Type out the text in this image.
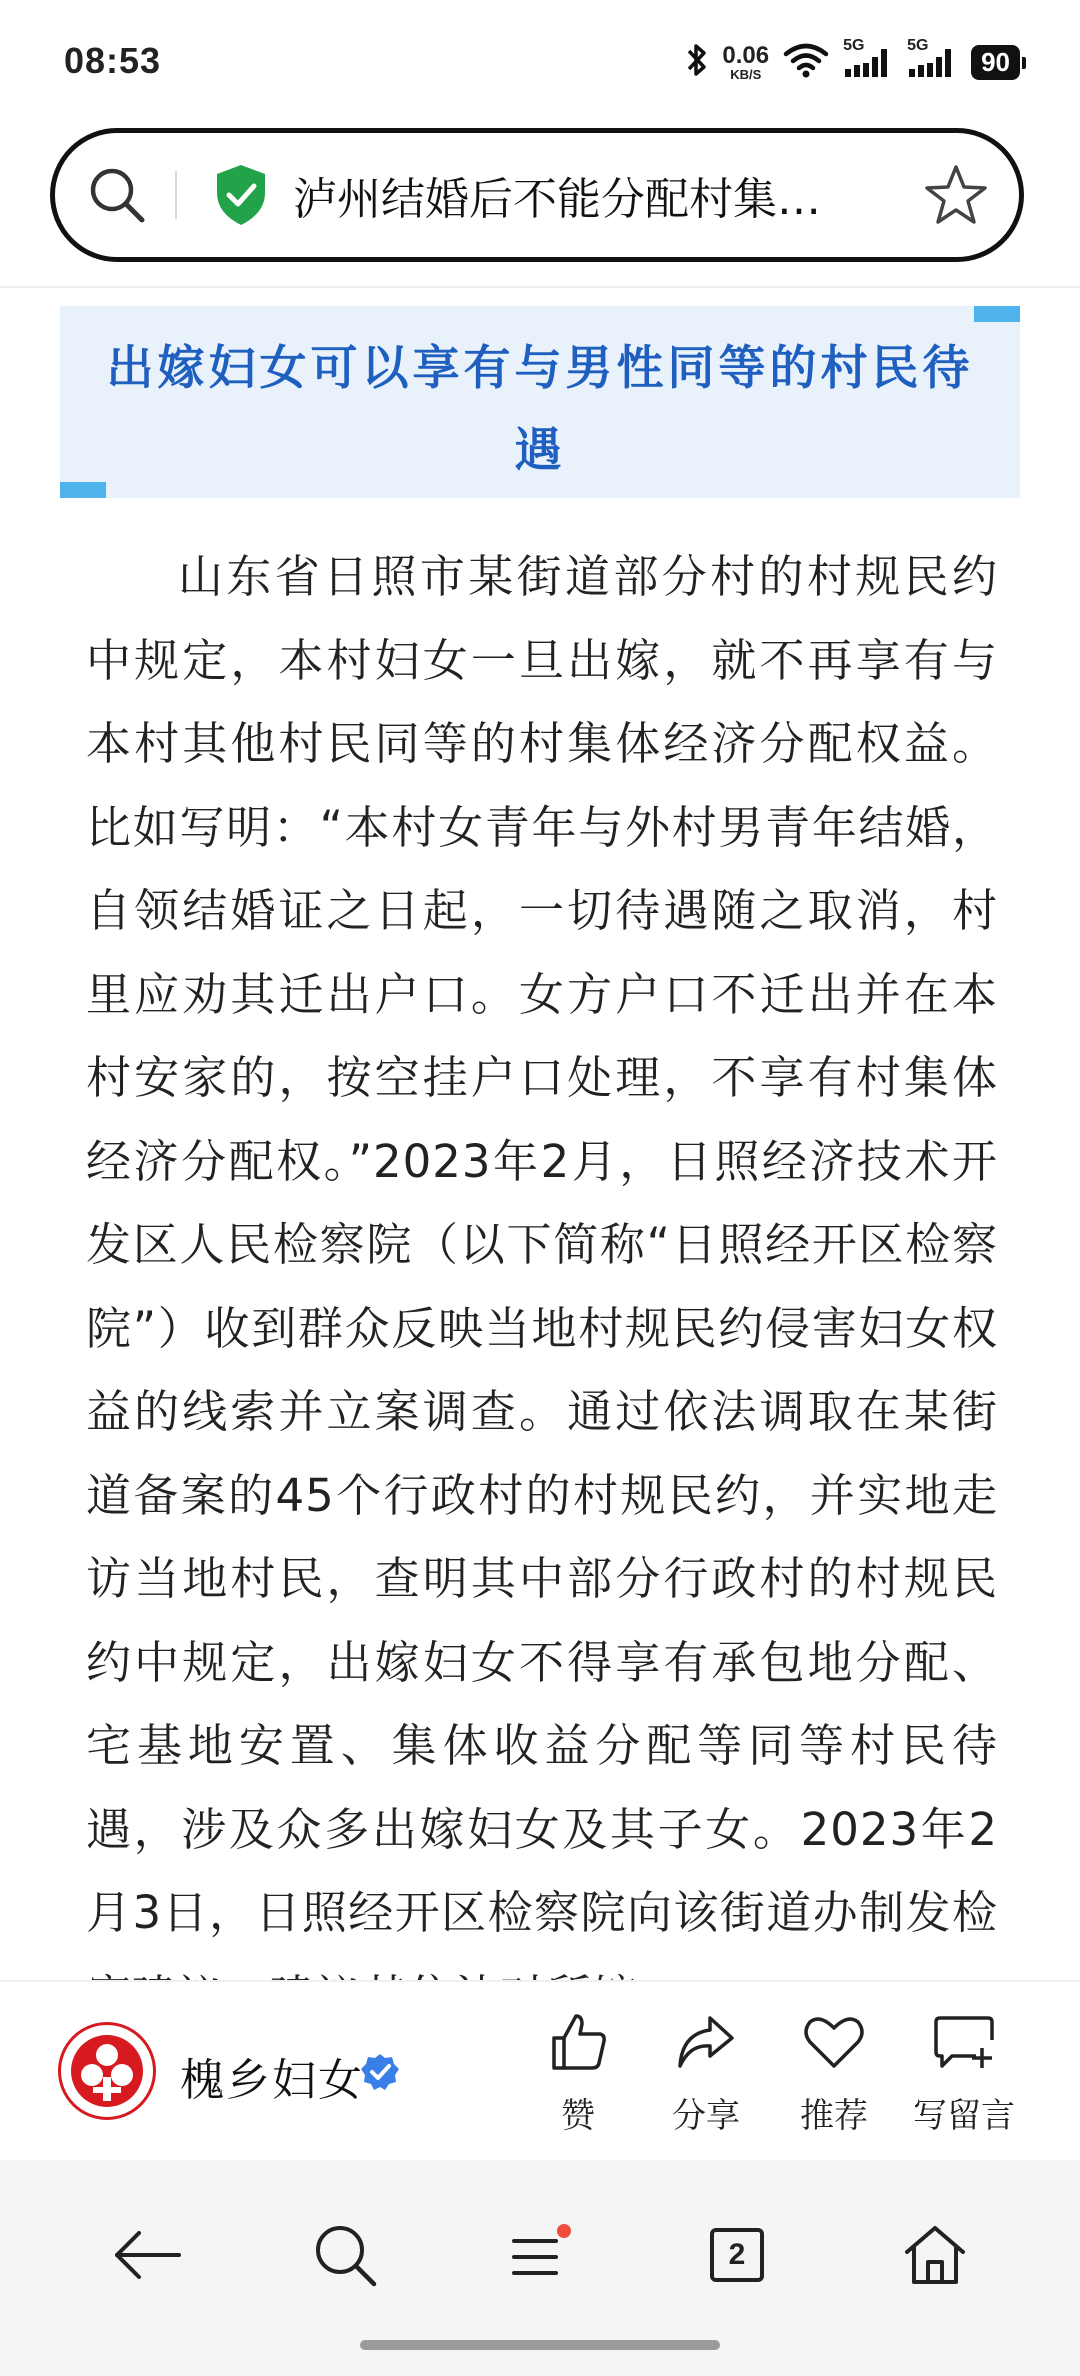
08:53	0.06
KB/S
5G	5G
90
泸州结婚后不能分配村集…
出嫁妇女可以享有与男性同等的村民待遇
山东省日照市某街道部分村的村规民约中规定，本村妇女一旦出嫁，就不再享有与本村其他村民同等的村集体经济分配权益。比如写明：“本村女青年与外村男青年结婚，自领结婚证之日起，一切待遇随之取消，村里应劝其迁出户口。女方户口不迁出并在本村安家的，按空挂户口处理，不享有村集体经济分配权。”2023年2月，日照经济技术开发区人民检察院（以下简称“日照经开区检察院”）收到群众反映当地村规民约侵害妇女权益的线索并立案调查。通过依法调取在某街道备案的45个行政村的村规民约，并实地走访当地村民，查明其中部分行政村的村规民约中规定，出嫁妇女不得享有承包地分配、宅基地安置、集体收益分配等同等村民待遇，涉及众多出嫁妇女及其子女。2023年2月3日，日照经开区检察院向该街道办制发检
槐乡妇女
赞	分享	推荐	写留言
2
